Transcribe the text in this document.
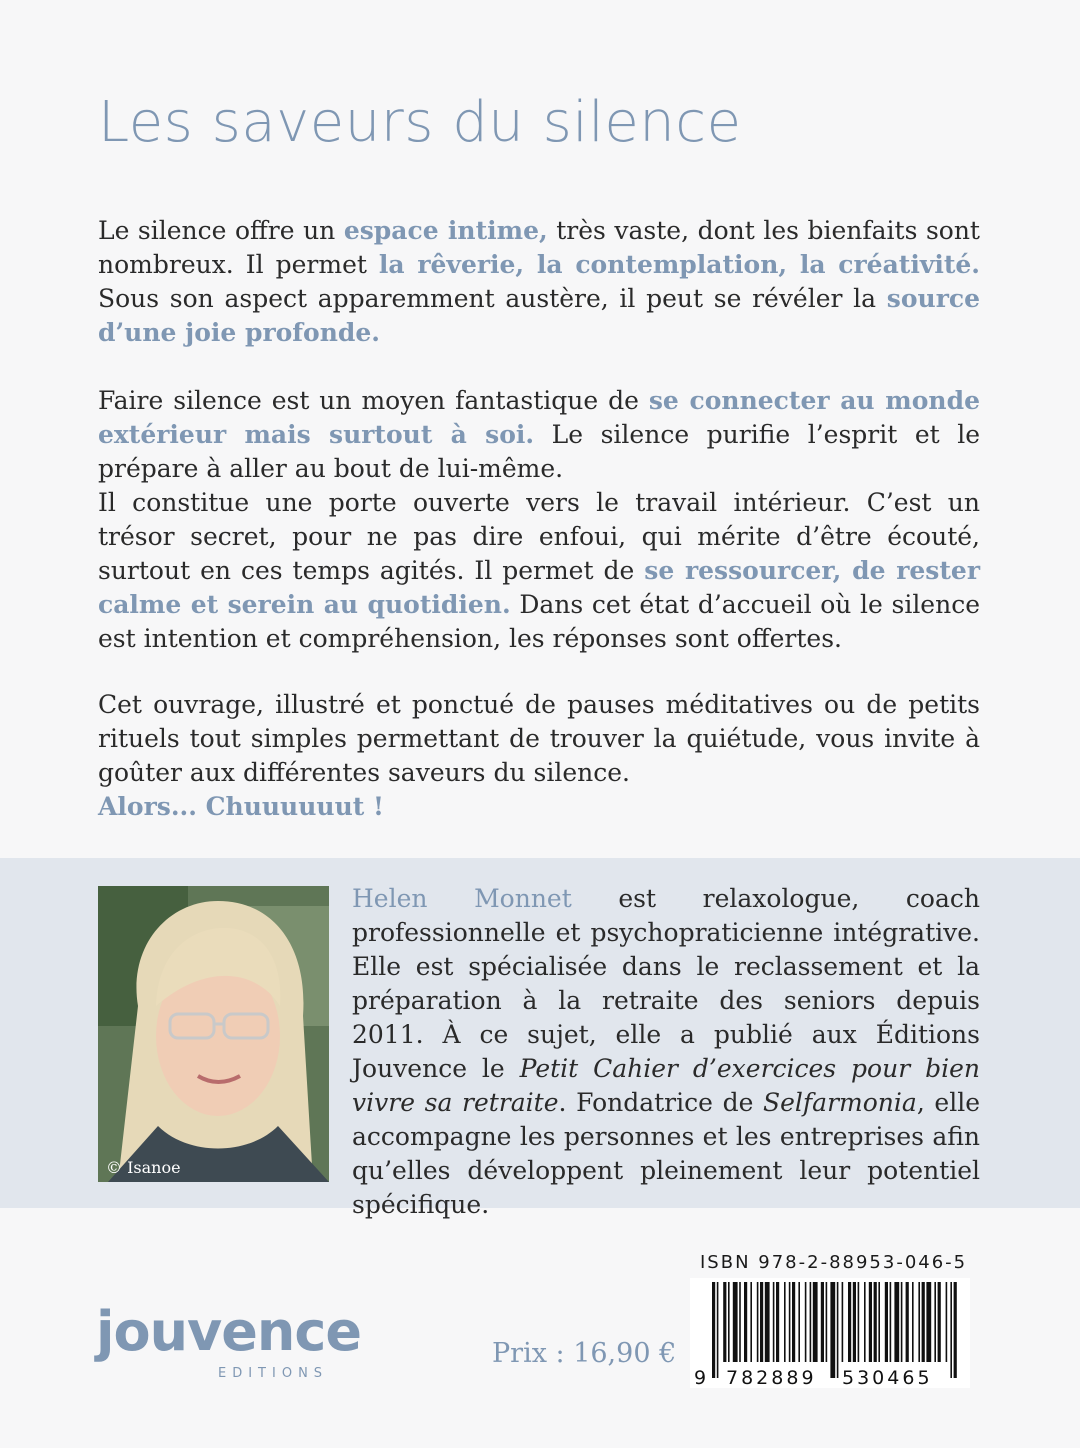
Les saveurs du silence

Le silence offre un espace intime, très vaste, dont les bienfaits sont nombreux. Il permet la rêverie, la contemplation, la créativité. Sous son aspect apparemment austère, il peut se révéler la source d’une joie profonde.

Faire silence est un moyen fantastique de se connecter au monde extérieur mais surtout à soi. Le silence purifie l’esprit et le prépare à aller au bout de lui-même.

Il constitue une porte ouverte vers le travail intérieur. C’est un trésor secret, pour ne pas dire enfoui, qui mérite d’être écouté, surtout en ces temps agités. Il permet de se ressourcer, de rester calme et serein au quotidien. Dans cet état d’accueil où le silence est intention et compréhension, les réponses sont offertes.

Cet ouvrage, illustré et ponctué de pauses méditatives ou de petits rituels tout simples permettant de trouver la quiétude, vous invite à goûter aux différentes saveurs du silence.

Alors... Chuuuuuut !

© Isanoe

Helen Monnet est relaxologue, coach professionnelle et psychopraticienne intégrative. Elle est spécialisée dans le reclassement et la préparation à la retraite des seniors depuis 2011. À ce sujet, elle a publié aux Éditions Jouvence le Petit Cahier d’exercices pour bien vivre sa retraite. Fondatrice de Selfarmonia, elle accompagne les personnes et les entreprises afin qu’elles développent pleinement leur potentiel spécifique.

jouvence
EDITIONS
Prix : 16,90 €
ISBN 978-2-88953-046-5
9 782889 530465
